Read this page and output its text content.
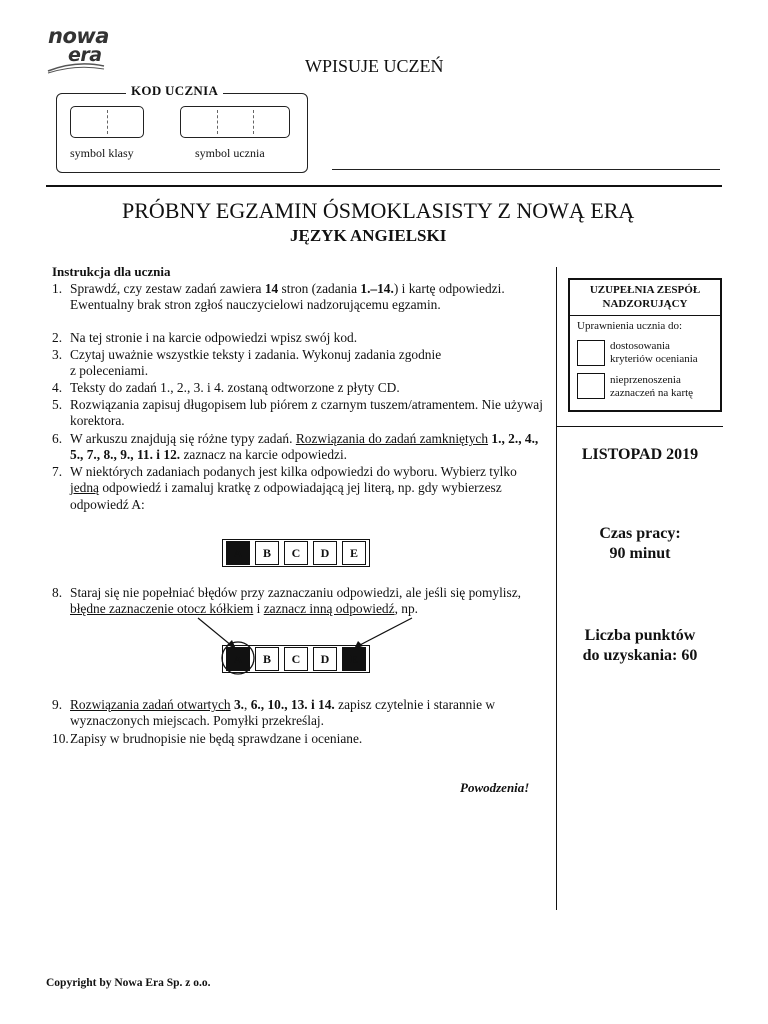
nowa
era	WPISUJE UCZEŃ
KOD UCZNIA
symbol klasy	symbol ucznia
PRÓBNY EGZAMIN ÓSMOKLASISTY Z NOWĄ ERĄ
JĘZYK ANGIELSKI
Instrukcja dla ucznia
1. Sprawdź, czy zestaw zadań zawiera 14 stron (zadania 1.–14.) i kartę odpowiedzi. Ewentualny brak stron zgłoś nauczycielowi nadzorującemu egzamin.
2. Na tej stronie i na karcie odpowiedzi wpisz swój kod.
3. Czytaj uważnie wszystkie teksty i zadania. Wykonuj zadania zgodnie
z poleceniami.
4. Teksty do zadań 1., 2., 3. i 4. zostaną odtworzone z płyty CD.
5. Rozwiązania zapisuj długopisem lub piórem z czarnym tuszem/atramentem. Nie używaj korektora.
6. W arkuszu znajdują się różne typy zadań. Rozwiązania do zadań zamkniętych 1., 2., 4., 5., 7., 8., 9., 11. i 12. zaznacz na karcie odpowiedzi.
7. W niektórych zadaniach podanych jest kilka odpowiedzi do wyboru. Wybierz tylko jedną odpowiedź i zamaluj kratkę z odpowiadającą jej literą, np. gdy wybierzesz odpowiedź A:
A	B	C	D	E
8. Staraj się nie popełniać błędów przy zaznaczaniu odpowiedzi, ale jeśli się pomylisz, błędne zaznaczenie otocz kółkiem i zaznacz inną odpowiedź, np.
A	B	C	D	E
9. Rozwiązania zadań otwartych 3., 6., 10., 13. i 14. zapisz czytelnie i starannie w wyznaczonych miejscach. Pomyłki przekreślaj.
10. Zapisy w brudnopisie nie będą sprawdzane i oceniane.
Powodzenia!
UZUPEŁNIA ZESPÓŁ
NADZORUJĄCY
Uprawnienia ucznia do:
dostosowania
kryteriów oceniania
nieprzenoszenia
zaznaczeń na kartę
LISTOPAD 2019
Czas pracy:
90 minut
Liczba punktów
do uzyskania: 60
Copyright by Nowa Era Sp. z o.o.
